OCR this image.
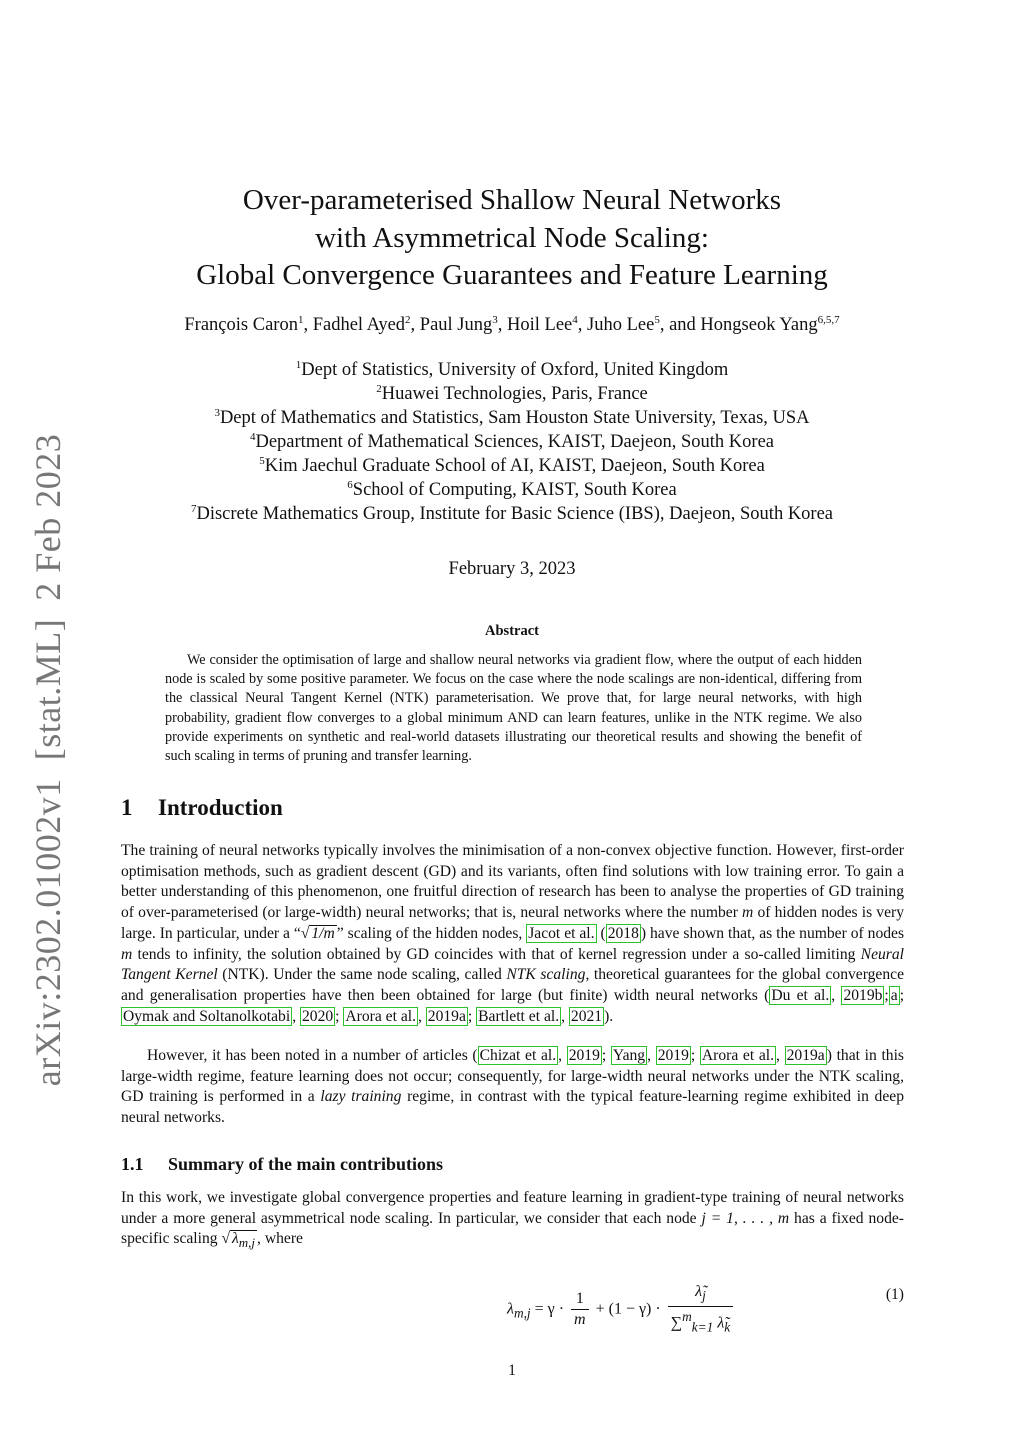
arXiv:2302.01002v1[stat.ML]2 Feb 2023
Over-parameterised Shallow Neural Networks
with Asymmetrical Node Scaling:
Global Convergence Guarantees and Feature Learning
François Caron$^1$, Fadhel Ayed$^2$, Paul Jung$^3$, Hoil Lee$^4$, Juho Lee$^5$, and Hongseok Yang$^{6,5,7}$
$^1$Dept of Statistics, University of Oxford, United Kingdom
$^2$Huawei Technologies, Paris, France
$^3$Dept of Mathematics and Statistics, Sam Houston State University, Texas, USA
$^4$Department of Mathematical Sciences, KAIST, Daejeon, South Korea
$^5$Kim Jaechul Graduate School of AI, KAIST, Daejeon, South Korea
$^6$School of Computing, KAIST, South Korea
$^7$Discrete Mathematics Group, Institute for Basic Science (IBS), Daejeon, South Korea
February 3, 2023
Abstract
We consider the optimisation of large and shallow neural networks via gradient flow, where the output of each hidden node is scaled by some positive parameter. We focus on the case where the node scalings are non-identical, differing from the classical Neural Tangent Kernel (NTK) parameterisation. We prove that, for large neural networks, with high probability, gradient flow converges to a global minimum AND can learn features, unlike in the NTK regime. We also provide experiments on synthetic and real-world datasets illustrating our theoretical results and showing the benefit of such scaling in terms of pruning and transfer learning.
1 Introduction
The training of neural networks typically involves the minimisation of a non-convex objective function. However, first-order optimisation methods, such as gradient descent (GD) and its variants, often find solutions with low training error. To gain a better understanding of this phenomenon, one fruitful direction of research has been to analyse the properties of GD training of over-parameterised (or large-width) neural networks; that is, neural networks where the number m of hidden nodes is very large. In particular, under a “√ 1/m ” scaling of the hidden nodes, Jacot et al. ( 2018 ) have shown that, as the number of nodes m tends to infinity, the solution obtained by GD coincides with that of kernel regression under a so-called limiting Neural Tangent Kernel (NTK). Under the same node scaling, called NTK scaling, theoretical guarantees for the global convergence and generalisation properties have then been obtained for large (but finite) width neural networks ( Du et al. , 2019b ; a ; Oymak and Soltanolkotabi , 2020 ; Arora et al. , 2019a ; Bartlett et al. , 2021 ).
However, it has been noted in a number of articles ( Chizat et al. , 2019 ; Yang , 2019 ; Arora et al. , 2019a ) that in this large-width regime, feature learning does not occur; consequently, for large-width neural networks under the NTK scaling, GD training is performed in a lazy training regime, in contrast with the typical feature-learning regime exhibited in deep neural networks.
1.1 Summary of the main contributions
In this work, we investigate global convergence properties and feature learning in gradient-type training of neural networks under a more general asymmetrical node scaling. In particular, we consider that each node j = 1, . . . , m has a fixed node-specific scaling √ $\lambda_{m,j}$ , where
$\lambda_{m,j} = \gamma \cdot \frac{1}{m} + (1 - \gamma) \cdot \frac{\lambdã_j}{\sum^m_{k=1} \lambdã_k}$	(1)
1
